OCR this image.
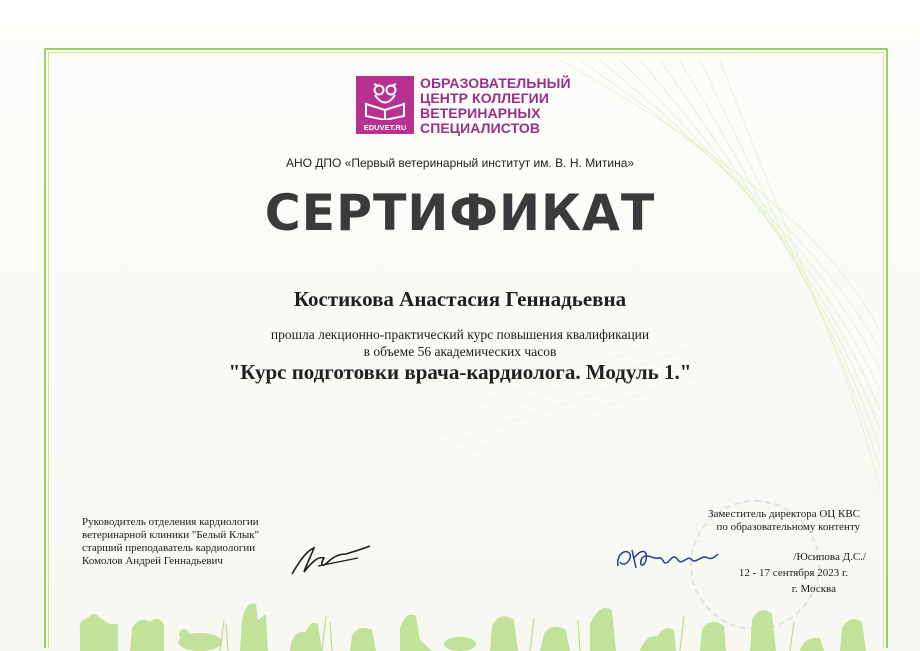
EDUVET.RU
ОБРАЗОВАТЕЛЬНЫЙ
ЦЕНТР КОЛЛЕГИИ
ВЕТЕРИНАРНЫХ
СПЕЦИАЛИСТОВ
АНО ДПО «Первый ветеринарный институт им. В. Н. Митина»
СЕРТИФИКАТ
Костикова Анастасия Геннадьевна
прошла лекционно-практический курс повышения квалификации
в объеме 56 академических часов
"Курс подготовки врача-кардиолога. Модуль 1."
Руководитель отделения кардиологии
ветеринарной клиники "Белый Клык"
старший преподаватель кардиологии
Комолов Андрей Геннадьевич
Заместитель директора ОЦ КВС
по образовательному контенту
/Юсипова Д.С./
12 - 17 сентября 2023 г.
г. Москва
